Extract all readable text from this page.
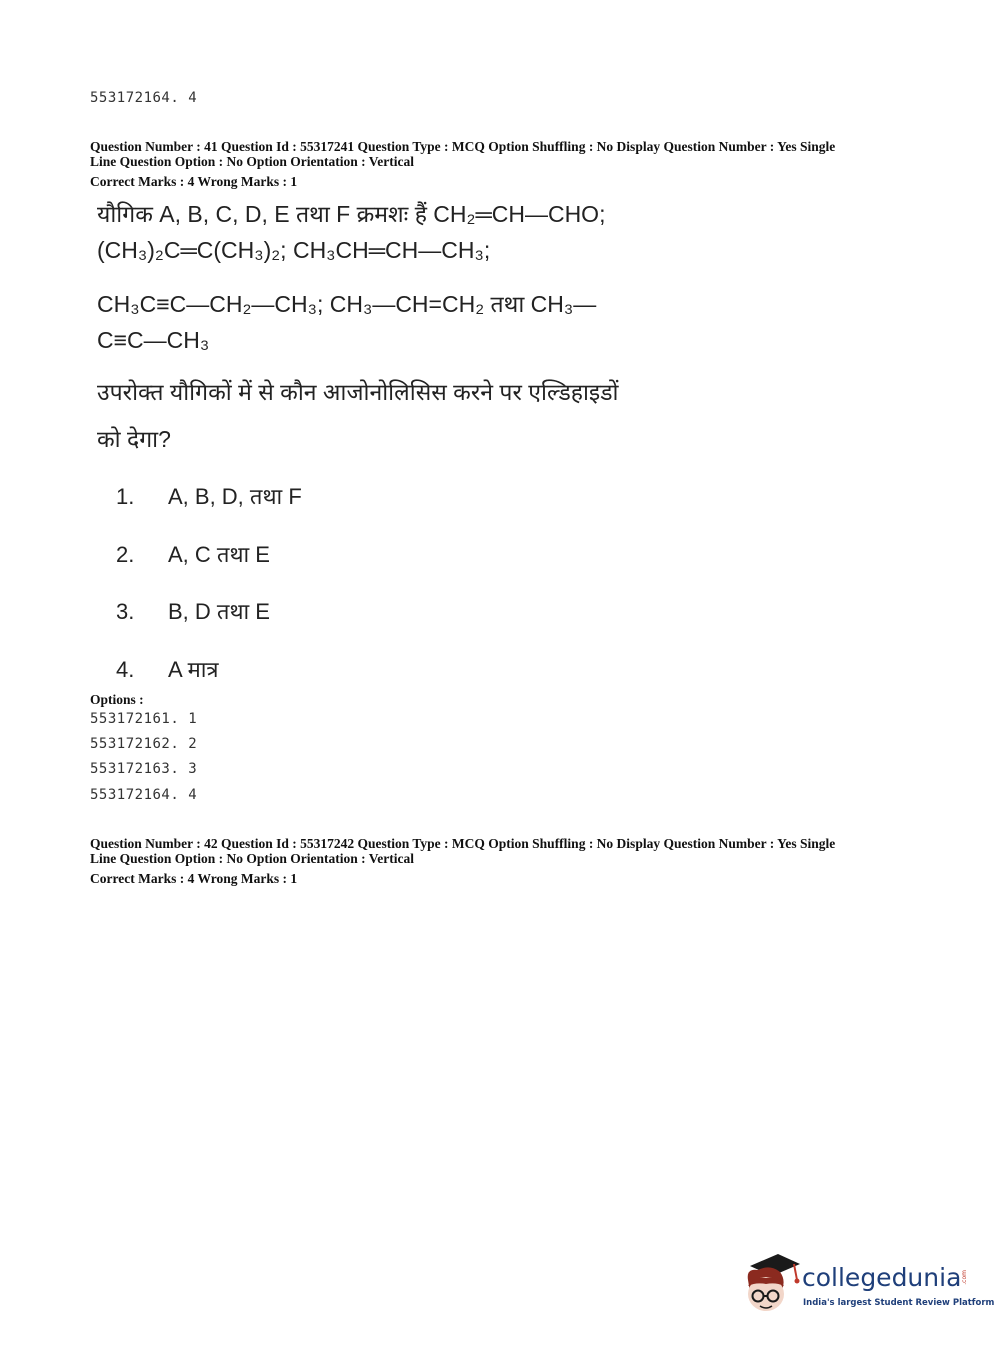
553172164. 4
Question Number : 41 Question Id : 55317241 Question Type : MCQ Option Shuffling : No Display Question Number : Yes Single
Line Question Option : No Option Orientation : Vertical
Correct Marks : 4 Wrong Marks : 1
यौगिक A, B, C, D, E तथा F क्रमशः हैं CH₂═CH—CHO;
(CH₃)₂C═C(CH₃)₂; CH₃CH═CH—CH₃;
CH₃C≡C—CH₂—CH₃; CH₃—CH=CH₂ तथा CH₃—
C≡C—CH₃
उपरोक्त यौगिकों में से कौन आजोनोलिसिस करने पर एल्डिहाइडों
को देगा?
1. A, B, D, तथा F
2. A, C तथा E
3. B, D तथा E
4. A मात्र
Options :
553172161. 1
553172162. 2
553172163. 3
553172164. 4
Question Number : 42 Question Id : 55317242 Question Type : MCQ Option Shuffling : No Display Question Number : Yes Single
Line Question Option : No Option Orientation : Vertical
Correct Marks : 4 Wrong Marks : 1
collegedunia .com
India's largest Student Review Platform
